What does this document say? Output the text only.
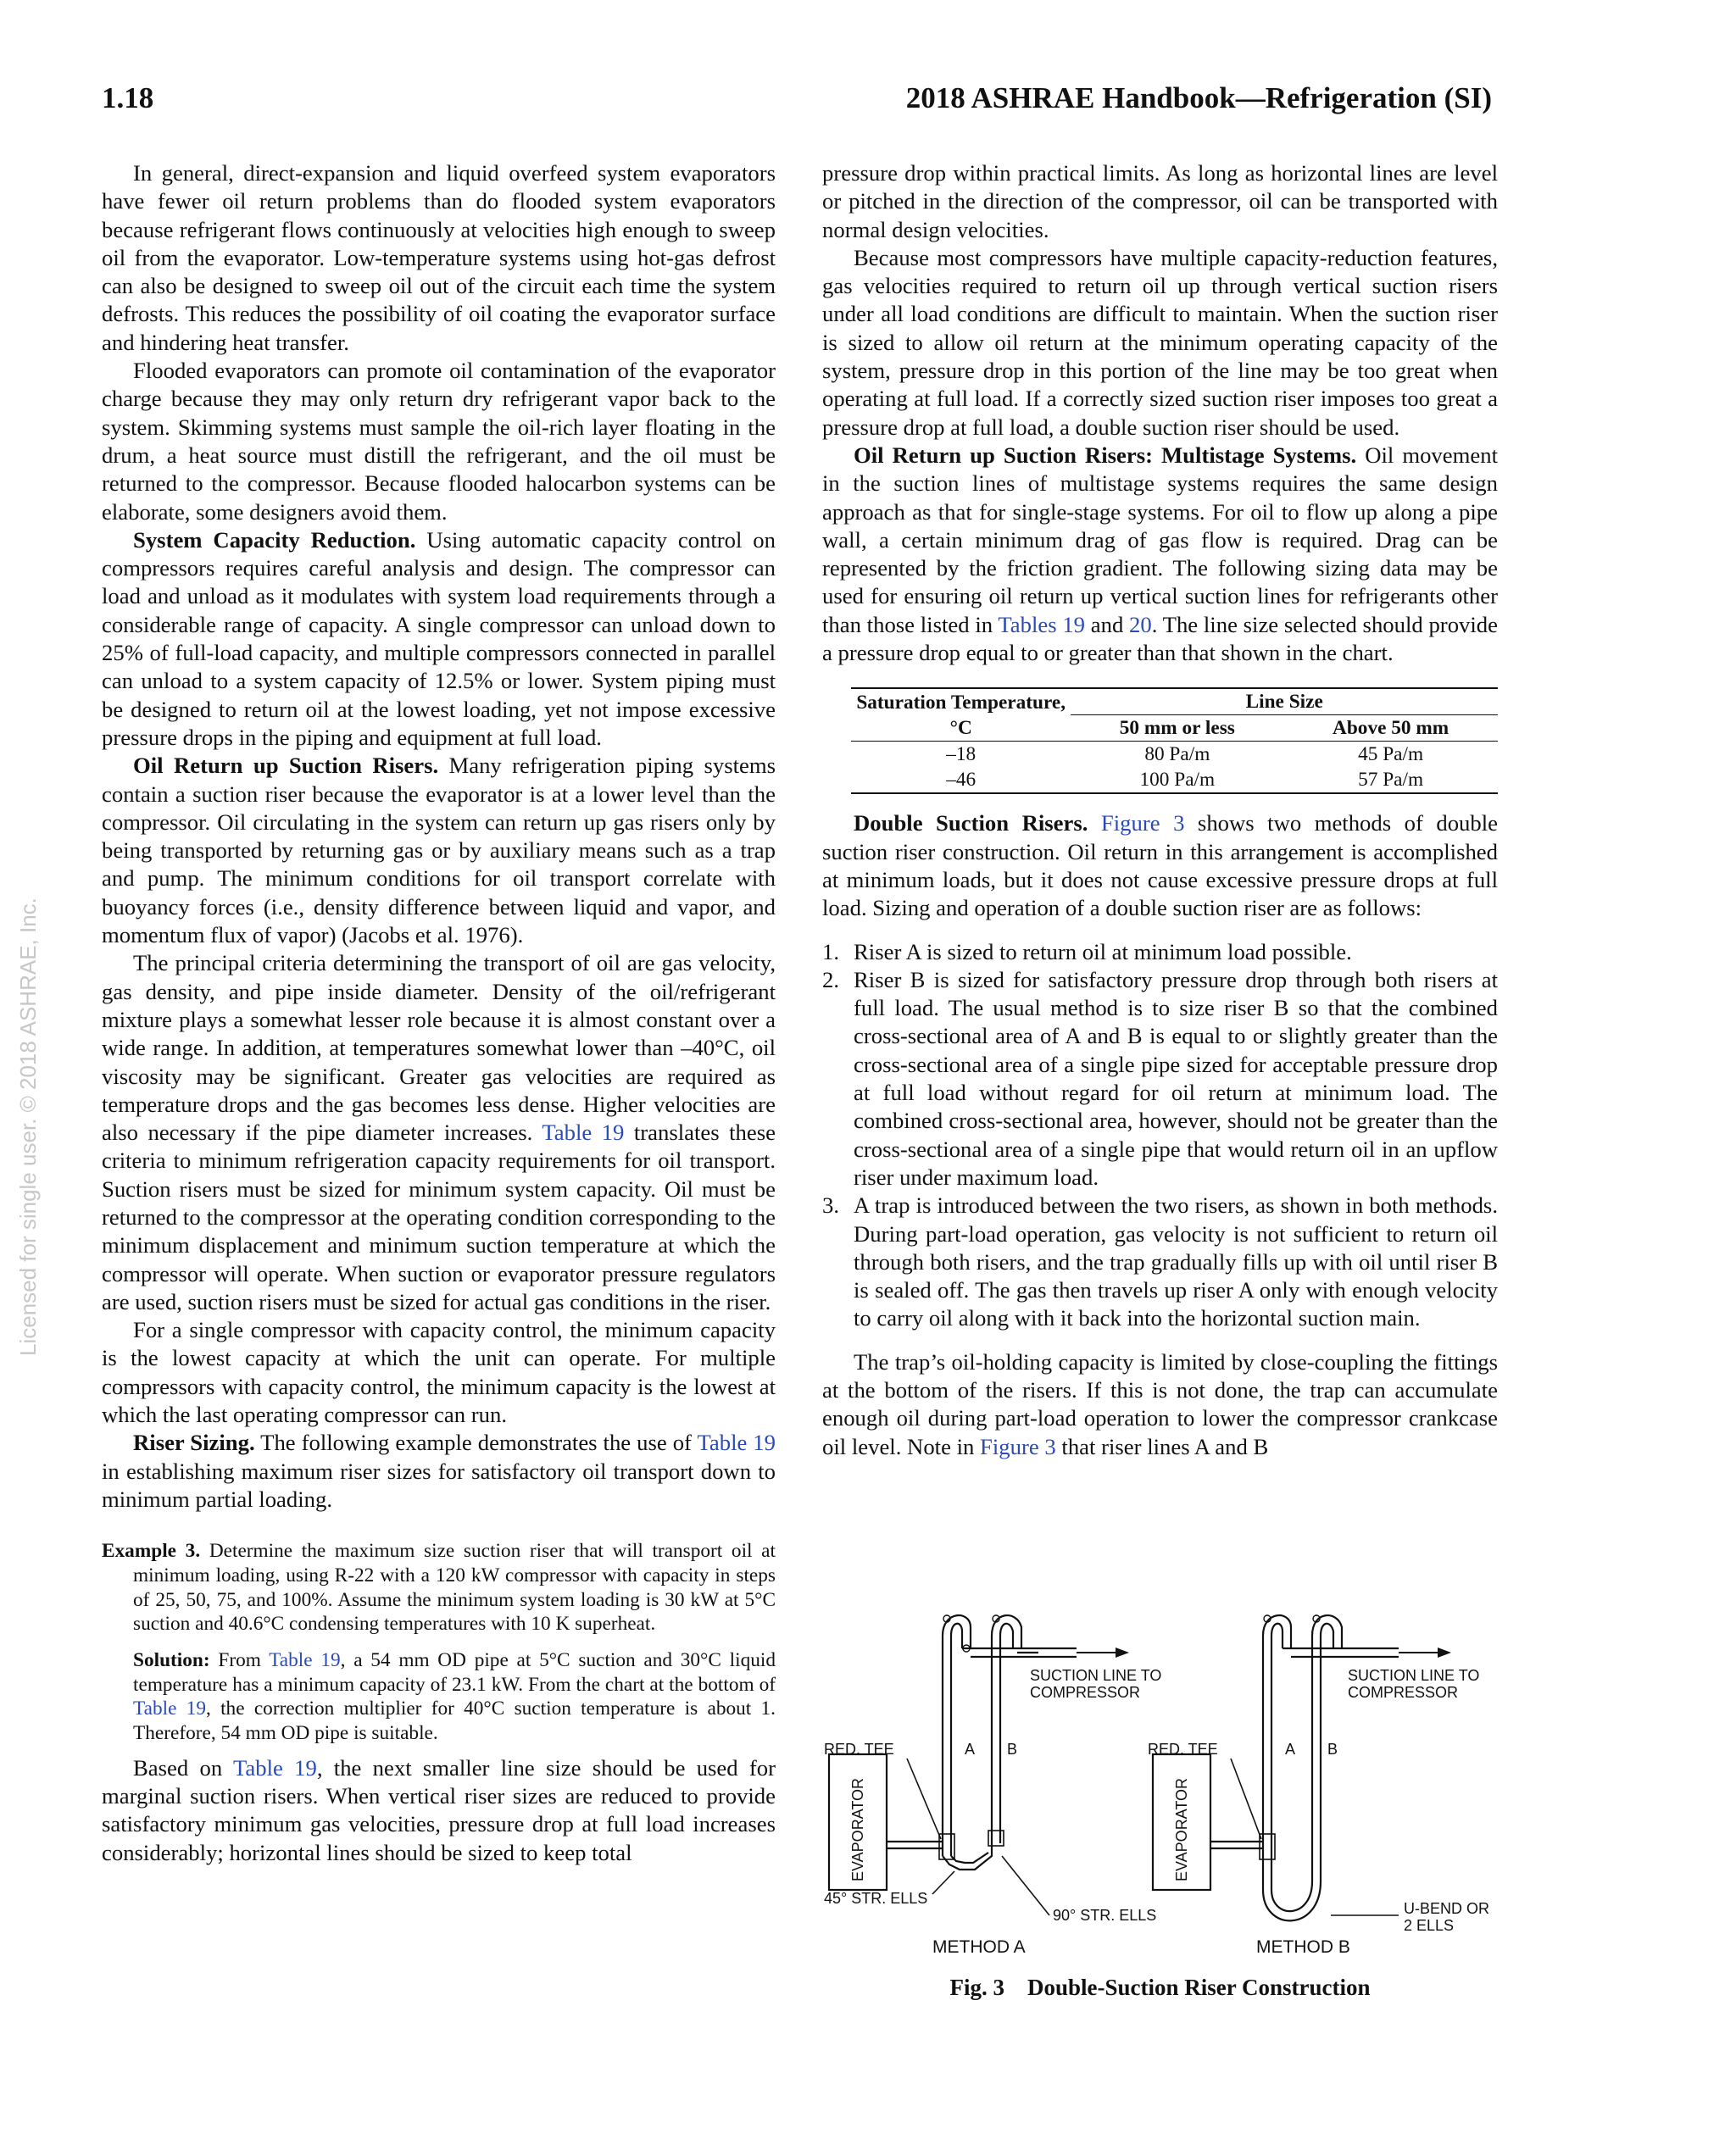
1.18	2018 ASHRAE Handbook—Refrigeration (SI)
Licensed for single user. © 2018 ASHRAE, Inc.

In general, direct-expansion and liquid overfeed system evaporators have fewer oil return problems than do flooded system evaporators because refrigerant flows continuously at velocities high enough to sweep oil from the evaporator. Low-temperature systems using hot-gas defrost can also be designed to sweep oil out of the circuit each time the system defrosts. This reduces the possibility of oil coating the evaporator surface and hindering heat transfer.

Flooded evaporators can promote oil contamination of the evaporator charge because they may only return dry refrigerant vapor back to the system. Skimming systems must sample the oil-rich layer floating in the drum, a heat source must distill the refrigerant, and the oil must be returned to the compressor. Because flooded halocarbon systems can be elaborate, some designers avoid them.

System Capacity Reduction. Using automatic capacity control on compressors requires careful analysis and design. The compressor can load and unload as it modulates with system load requirements through a considerable range of capacity. A single compressor can unload down to 25% of full-load capacity, and multiple compressors connected in parallel can unload to a system capacity of 12.5% or lower. System piping must be designed to return oil at the lowest loading, yet not impose excessive pressure drops in the piping and equipment at full load.

Oil Return up Suction Risers. Many refrigeration piping systems contain a suction riser because the evaporator is at a lower level than the compressor. Oil circulating in the system can return up gas risers only by being transported by returning gas or by auxiliary means such as a trap and pump. The minimum conditions for oil transport correlate with buoyancy forces (i.e., density difference between liquid and vapor, and momentum flux of vapor) (Jacobs et al. 1976).

The principal criteria determining the transport of oil are gas velocity, gas density, and pipe inside diameter. Density of the oil/refrigerant mixture plays a somewhat lesser role because it is almost constant over a wide range. In addition, at temperatures somewhat lower than –40°C, oil viscosity may be significant. Greater gas velocities are required as temperature drops and the gas becomes less dense. Higher velocities are also necessary if the pipe diameter increases. Table 19 translates these criteria to minimum refrigeration capacity requirements for oil transport. Suction risers must be sized for minimum system capacity. Oil must be returned to the compressor at the operating condition corresponding to the minimum displacement and minimum suction temperature at which the compressor will operate. When suction or evaporator pressure regulators are used, suction risers must be sized for actual gas conditions in the riser.

For a single compressor with capacity control, the minimum capacity is the lowest capacity at which the unit can operate. For multiple compressors with capacity control, the minimum capacity is the lowest at which the last operating compressor can run.

Riser Sizing. The following example demonstrates the use of Table 19 in establishing maximum riser sizes for satisfactory oil transport down to minimum partial loading.

Example 3. Determine the maximum size suction riser that will transport oil at minimum loading, using R-22 with a 120 kW compressor with capacity in steps of 25, 50, 75, and 100%. Assume the minimum system loading is 30 kW at 5°C suction and 40.6°C condensing temperatures with 10 K superheat.

Solution: From Table 19, a 54 mm OD pipe at 5°C suction and 30°C liquid temperature has a minimum capacity of 23.1 kW. From the chart at the bottom of Table 19, the correction multiplier for 40°C suction temperature is about 1. Therefore, 54 mm OD pipe is suitable.

Based on Table 19, the next smaller line size should be used for marginal suction risers. When vertical riser sizes are reduced to provide satisfactory minimum gas velocities, pressure drop at full load increases considerably; horizontal lines should be sized to keep total

pressure drop within practical limits. As long as horizontal lines are level or pitched in the direction of the compressor, oil can be transported with normal design velocities.

Because most compressors have multiple capacity-reduction features, gas velocities required to return oil up through vertical suction risers under all load conditions are difficult to maintain. When the suction riser is sized to allow oil return at the minimum operating capacity of the system, pressure drop in this portion of the line may be too great when operating at full load. If a correctly sized suction riser imposes too great a pressure drop at full load, a double suction riser should be used.

Oil Return up Suction Risers: Multistage Systems. Oil movement in the suction lines of multistage systems requires the same design approach as that for single-stage systems. For oil to flow up along a pipe wall, a certain minimum drag of gas flow is required. Drag can be represented by the friction gradient. The following sizing data may be used for ensuring oil return up vertical suction lines for refrigerants other than those listed in Tables 19 and 20. The line size selected should provide a pressure drop equal to or greater than that shown in the chart.

Saturation Temperature, °C	Line Size	
	50 mm or less	Above 50 mm
–18	80 Pa/m	45 Pa/m
–46	100 Pa/m	57 Pa/m

Double Suction Risers. Figure 3 shows two methods of double suction riser construction. Oil return in this arrangement is accomplished at minimum loads, but it does not cause excessive pressure drops at full load. Sizing and operation of a double suction riser are as follows:

1. Riser A is sized to return oil at minimum load possible.
2. Riser B is sized for satisfactory pressure drop through both risers at full load. The usual method is to size riser B so that the combined cross-sectional area of A and B is equal to or slightly greater than the cross-sectional area of a single pipe sized for acceptable pressure drop at full load without regard for oil return at minimum load. The combined cross-sectional area, however, should not be greater than the cross-sectional area of a single pipe that would return oil in an upflow riser under maximum load.
3. A trap is introduced between the two risers, as shown in both methods. During part-load operation, gas velocity is not sufficient to return oil through both risers, and the trap gradually fills up with oil until riser B is sealed off. The gas then travels up riser A only with enough velocity to carry oil along with it back into the horizontal suction main.

The trap’s oil-holding capacity is limited by close-coupling the fittings at the bottom of the risers. If this is not done, the trap can accumulate enough oil during part-load operation to lower the compressor crankcase oil level. Note in Figure 3 that riser lines A and B

SUCTION LINE TO
COMPRESSOR
SUCTION LINE TO
COMPRESSOR
RED. TEE	RED. TEE
A B	A B
EVAPORATOR	EVAPORATOR
45° STR. ELLS
90° STR. ELLS	U-BEND OR
2 ELLS
METHOD A	METHOD B
Fig. 3    Double-Suction Riser Construction
